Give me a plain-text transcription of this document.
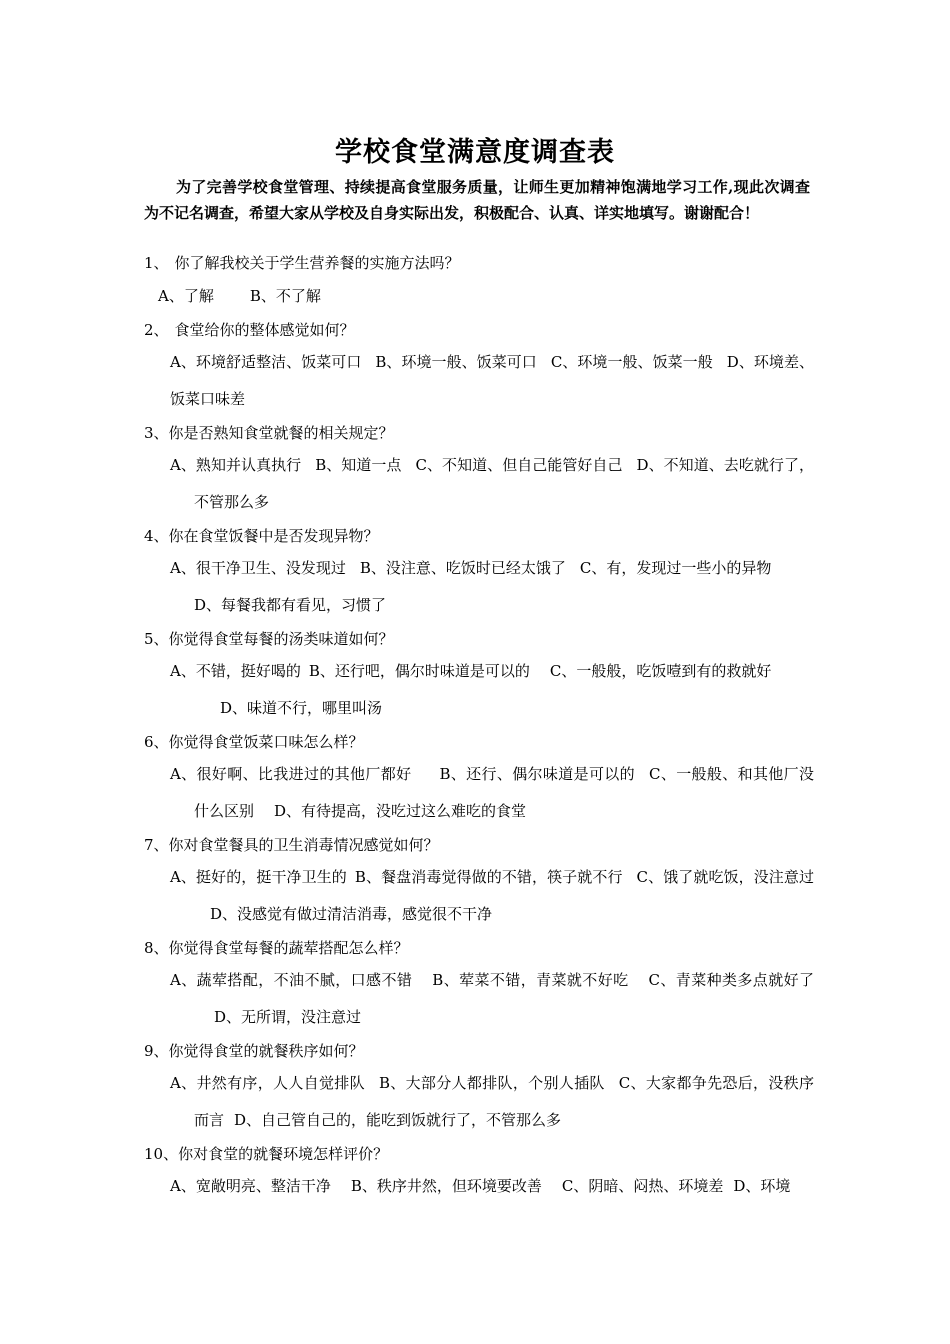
学校食堂满意度调查表

为了完善学校食堂管理、持续提高食堂服务质量，让师生更加精神饱满地学习工作,现此次调查为不记名调查，希望大家从学校及自身实际出发，积极配合、认真、详实地填写。谢谢配合！

1、 你了解我校关于学生营养餐的实施方法吗？

A、了解 B、不了解

2、 食堂给你的整体感觉如何？

A、环境舒适整洁、饭菜可口 B、环境一般、饭菜可口 C、环境一般、饭菜一般 D、环境差、饭菜口味差

3、你是否熟知食堂就餐的相关规定？

A、熟知并认真执行 B、知道一点 C、不知道、但自己能管好自己 D、不知道、去吃就行了，不管那么多

4、你在食堂饭餐中是否发现异物？

A、很干净卫生、没发现过 B、没注意、吃饭时已经太饿了 C、有，发现过一些小的异物
D、每餐我都有看见，习惯了

5、你觉得食堂每餐的汤类味道如何？

A、不错，挺好喝的 B、还行吧，偶尔时味道是可以的 C、一般般，吃饭噎到有的救就好
D、味道不行，哪里叫汤

6、你觉得食堂饭菜口味怎么样？

A、很好啊、比我进过的其他厂都好 B、还行、偶尔味道是可以的 C、一般般、和其他厂没什么区别 D、有待提高，没吃过这么难吃的食堂

7、你对食堂餐具的卫生消毒情况感觉如何？

A、挺好的，挺干净卫生的 B、餐盘消毒觉得做的不错，筷子就不行 C、饿了就吃饭，没注意过D、没感觉有做过清洁消毒，感觉很不干净

8、你觉得食堂每餐的蔬荤搭配怎么样？

A、蔬荤搭配，不油不腻，口感不错 B、荤菜不错，青菜就不好吃 C、青菜种类多点就好了D、无所谓，没注意过

9、你觉得食堂的就餐秩序如何？

A、井然有序，人人自觉排队 B、大部分人都排队，个别人插队 C、大家都争先恐后，没秩序而言 D、自己管自己的，能吃到饭就行了，不管那么多

10、你对食堂的就餐环境怎样评价？

A、宽敞明亮、整洁干净 B、秩序井然，但环境要改善 C、阴暗、闷热、环境差 D、环境
